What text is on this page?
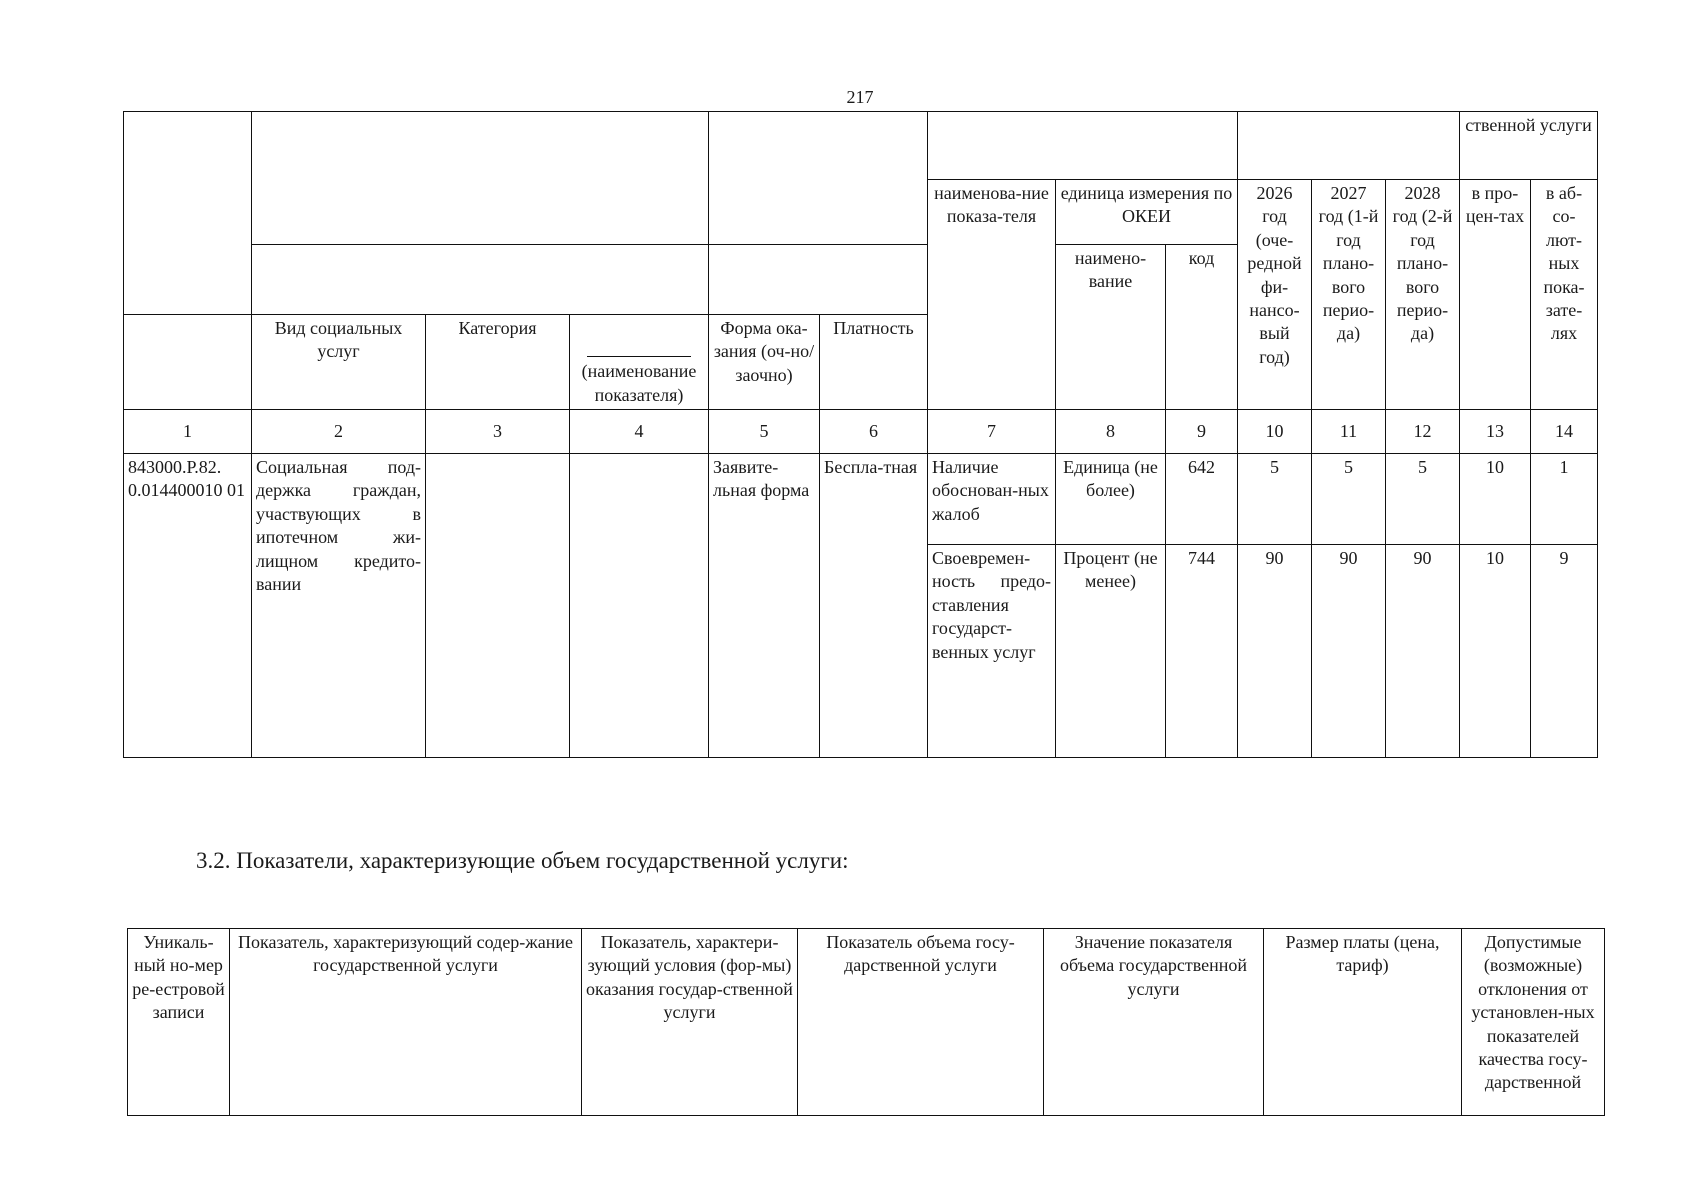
217
												ственной услуги	
						наименова-ние показа-теля	единица измерения по ОКЕИ		2026 год (оче-редной фи-нансо-вый год)	2027 год (1-й год плано-вого перио-да)	2028 год (2-й год плано-вого перио-да)	в про-цен-тах	в аб-со-лют-ных пока-зате-лях
							наимено-вание	код					
	Вид социальных услуг	Категория	(наименование показателя)	Форма ока-зания (оч-но/заочно)	Платность								
1	2	3	4	5	6	7	8	9	10	11	12	13	14
843000.Р.82. 0.014400010 01	Социальная под-держка граждан, участвующих в ипотечном жи-лищном кредито-вании			Заявите-льная форма	Беспла-тная	Наличие обоснован-ных жалоб	Единица (не более)	642	5	5	5	10	1
						Своевремен-ность предо-ставления государст-венных услуг	Процент (не менее)	744	90	90	90	10	9
3.2. Показатели, характеризующие объем государственной услуги:
Уникаль-ный но-мер ре-естровой записи	Показатель, характеризующий содер-жание государственной услуги	Показатель, характери-зующий условия (фор-мы) оказания государ-ственной услуги	Показатель объема госу-дарственной услуги	Значение показателя объема государственной услуги	Размер платы (цена, тариф)	Допустимые (возможные) отклонения от установлен-ных показателей качества госу-дарственной
